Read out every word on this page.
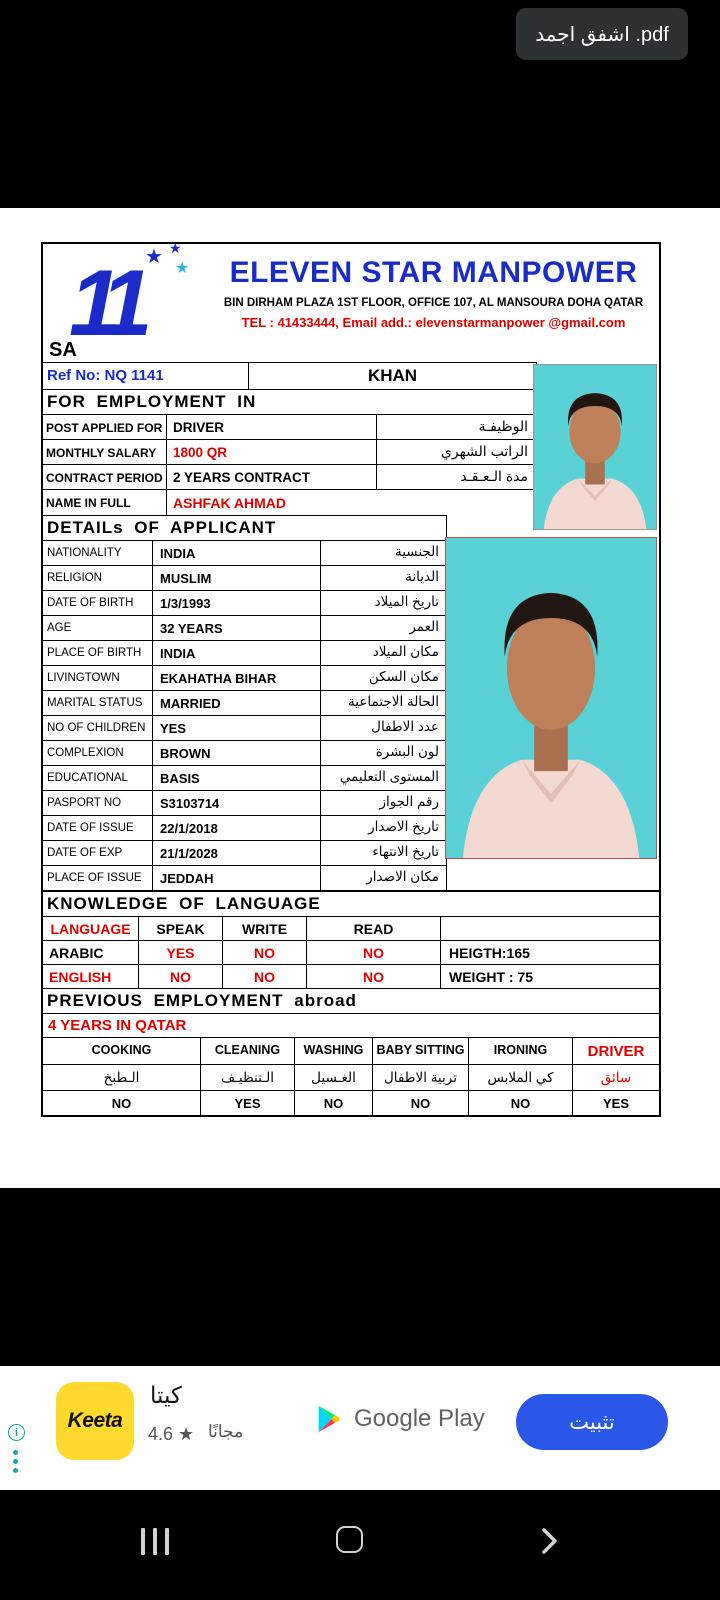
اشفق اجمد .pdf
★ ★
★
11
SA
ELEVEN STAR MANPOWER
BIN DIRHAM PLAZA 1ST FLOOR, OFFICE 107, AL MANSOURA DOHA QATAR
TEL : 41433444, Email add.: elevenstarmanpower @gmail.com
Ref No: NQ 1141	KHAN
FOR EMPLOYMENT IN
POST APPLIED FOR DRIVER	الوظيفـة
MONTHLY SALARY	1800 QR	الراتب الشهري
CONTRACT PERIOD 2 YEARS CONTRACT	مدة الـعـقـد
NAME IN FULL	ASHFAK AHMAD
DETAILs OF APPLICANT
NATIONALITY	INDIA	الجنسية
RELIGION	MUSLIM	الديانة
DATE OF BIRTH	1/3/1993	تاريخ الميلاد
AGE	32 YEARS	العمر
PLACE OF BIRTH	INDIA	مكان الميلاد
LIVINGTOWN	EKAHATHA BIHAR	مكان السكن
MARITAL STATUS	MARRIED	الحالة الاجتماعية
NO OF CHILDREN	YES	عدد الاطفال
COMPLEXION	BROWN	لون البشرة
EDUCATIONAL	BASIS	المستوى التعليمي
PASPORT NO	S3103714	رقم الجواز
DATE OF ISSUE	22/1/2018	تاريخ الاصدار
DATE OF EXP	21/1/2028	تاريخ الانتهاء
PLACE OF ISSUE	JEDDAH	مكان الاصدار
KNOWLEDGE OF LANGUAGE
LANGUAGE	SPEAK	WRITE	READ
ARABIC	YES	NO	NO	HEIGTH:165
ENGLISH	NO	NO	NO	WEIGHT : 75
PREVIOUS EMPLOYMENT abroad
4 YEARS IN QATAR
COOKING	CLEANING	WASHING	BABY SITTING	IRONING	DRIVER
الـطبخ	الـتنظيـف	الغـسيل	تربية الاطفال	كي الملابس	سائق
NO	YES	NO	NO	NO	YES
i
Keeta
كيتا
4.6 ★ مجانًا	Google Play	تثبيت
